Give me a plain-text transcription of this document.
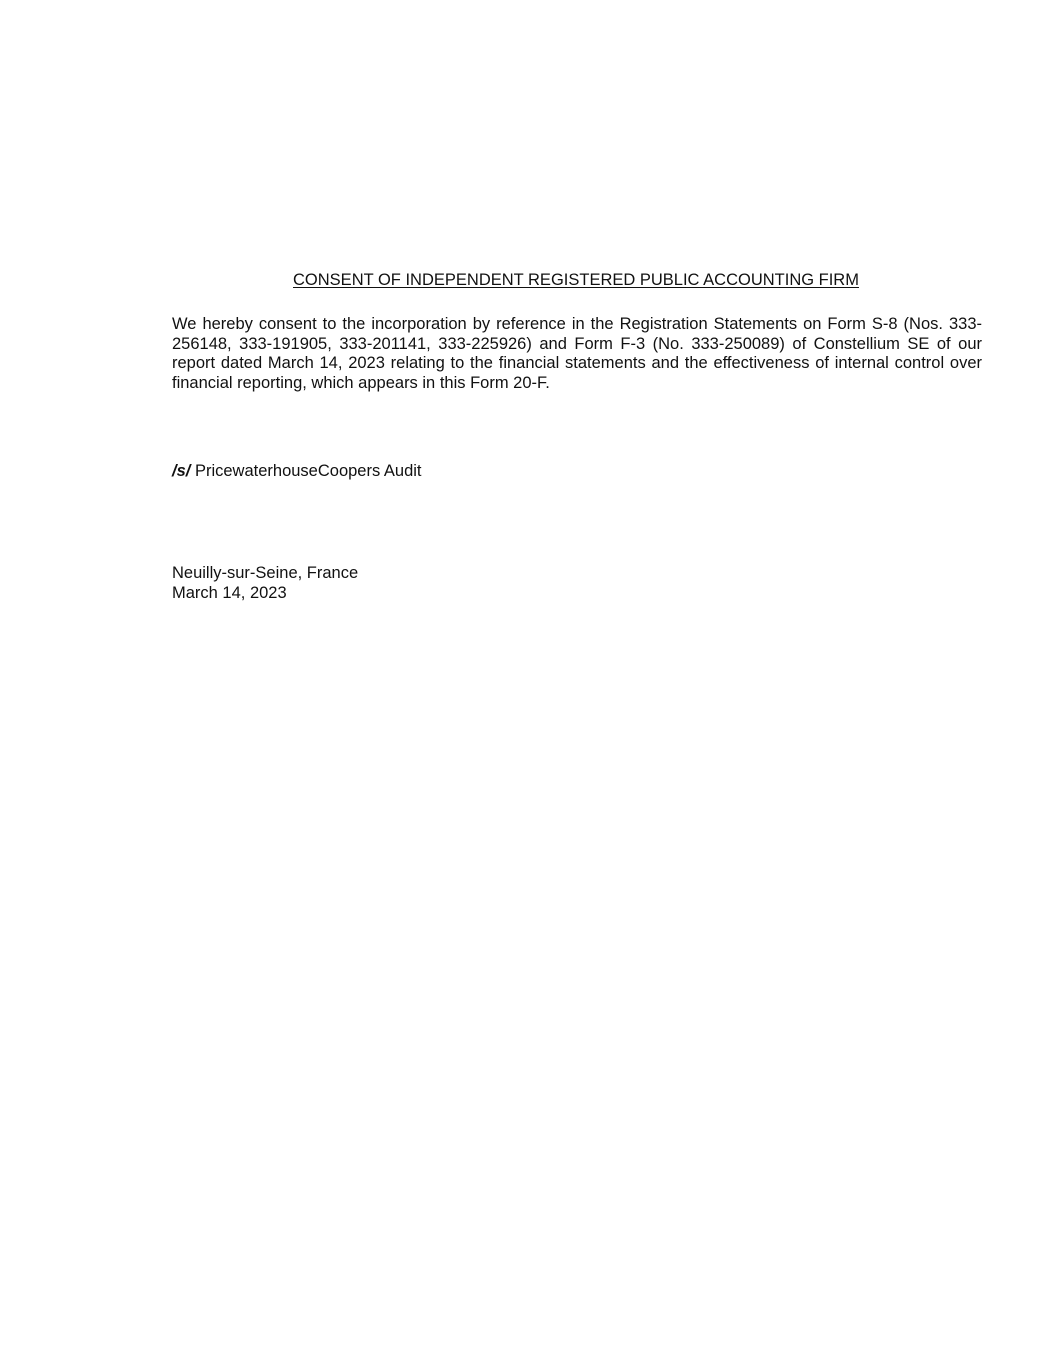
CONSENT OF INDEPENDENT REGISTERED PUBLIC ACCOUNTING FIRM

We hereby consent to the incorporation by reference in the Registration Statements on Form S-8 (Nos. 333-256148, 333-191905, 333-201141, 333-225926) and Form F-3 (No. 333-250089) of Constellium SE of our report dated March 14, 2023 relating to the financial statements and the effectiveness of internal control over financial reporting, which appears in this Form 20-F.

/s/ PricewaterhouseCoopers Audit
Neuilly-sur-Seine, France
March 14, 2023
